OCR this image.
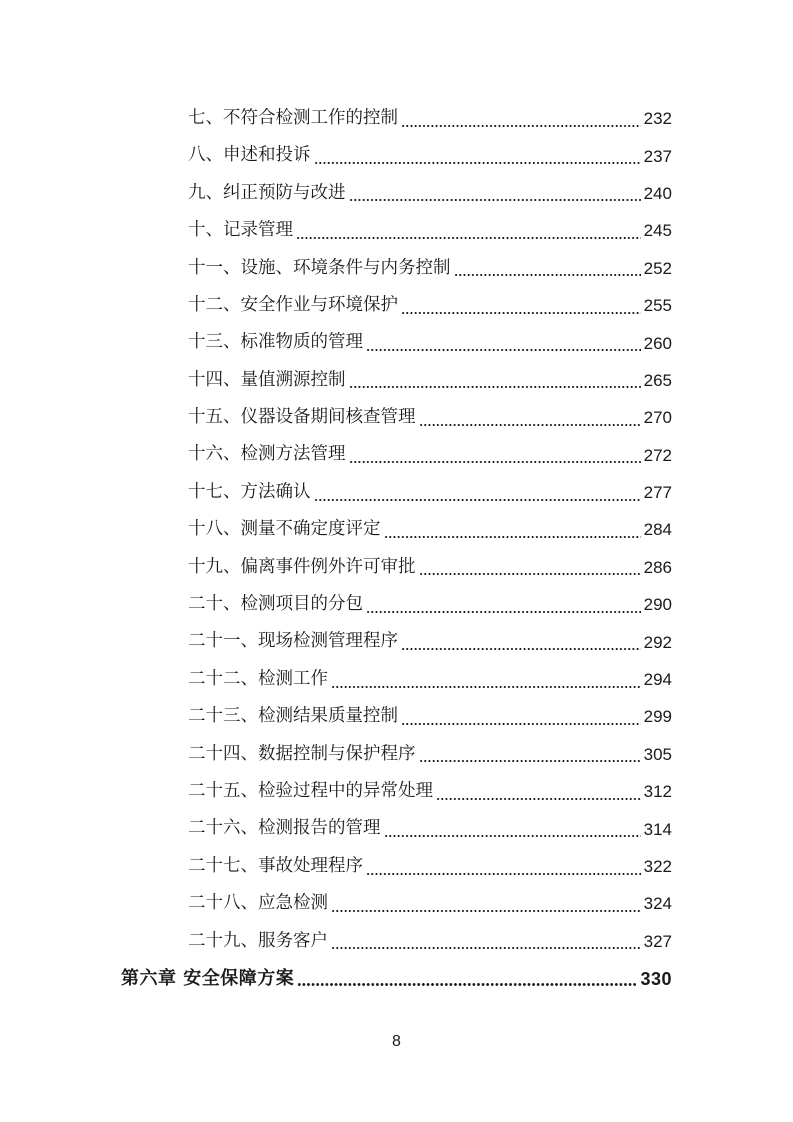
七、不符合检测工作的控制	232
八、申述和投诉	237
九、纠正预防与改进	240
十、记录管理	245
十一、设施、环境条件与内务控制	252
十二、安全作业与环境保护	255
十三、标准物质的管理	260
十四、量值溯源控制	265
十五、仪器设备期间核查管理	270
十六、检测方法管理	272
十七、方法确认	277
十八、测量不确定度评定	284
十九、偏离事件例外许可审批	286
二十、检测项目的分包	290
二十一、现场检测管理程序	292
二十二、检测工作	294
二十三、检测结果质量控制	299
二十四、数据控制与保护程序	305
二十五、检验过程中的异常处理	312
二十六、检测报告的管理	314
二十七、事故处理程序	322
二十八、应急检测	324
二十九、服务客户	327
第六章 安全保障方案	330
8
